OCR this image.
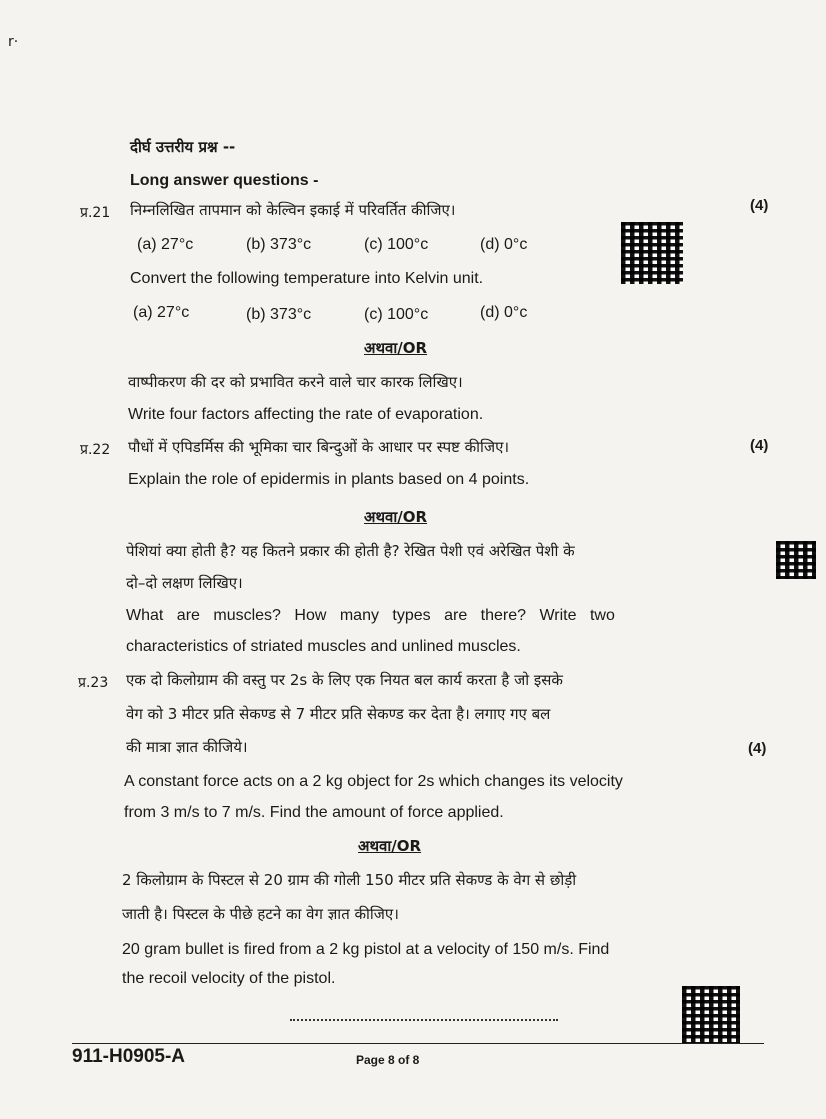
r·
दीर्घ उत्तरीय प्रश्न --
Long answer questions -
प्र.21 निम्नलिखित तापमान को केल्विन इकाई में परिवर्तित कीजिए।	(4)
(a) 27°c	(b) 373°c	(c) 100°c	(d) 0°c
Convert the following temperature into Kelvin unit.
(a) 27°c	(b) 373°c	(c) 100°c	(d) 0°c
अथवा/OR
वाष्पीकरण की दर को प्रभावित करने वाले चार कारक लिखिए।
Write four factors affecting the rate of evaporation.
प्र.22 पौधों में एपिडर्मिस की भूमिका चार बिन्दुओं के आधार पर स्पष्ट कीजिए।	(4)
Explain the role of epidermis in plants based on 4 points.
अथवा/OR
पेशियां क्या होती है? यह कितने प्रकार की होती है? रेखित पेशी एवं अरेखित पेशी के
दो–दो लक्षण लिखिए।
What are muscles? How many types are there? Write two
characteristics of striated muscles and unlined muscles.
प्र.23 एक दो किलोग्राम की वस्तु पर 2s के लिए एक नियत बल कार्य करता है जो इसके
वेग को 3 मीटर प्रति सेकण्ड से 7 मीटर प्रति सेकण्ड कर देता है। लगाए गए बल
की मात्रा ज्ञात कीजिये।	(4)
A constant force acts on a 2 kg object for 2s which changes its velocity
from 3 m/s to 7 m/s. Find the amount of force applied.
अथवा/OR
2 किलोग्राम के पिस्टल से 20 ग्राम की गोली 150 मीटर प्रति सेकण्ड के वेग से छोड़ी
जाती है। पिस्टल के पीछे हटने का वेग ज्ञात कीजिए।
20 gram bullet is fired from a 2 kg pistol at a velocity of 150 m/s. Find
the recoil velocity of the pistol.
911-H0905-A	Page 8 of 8
